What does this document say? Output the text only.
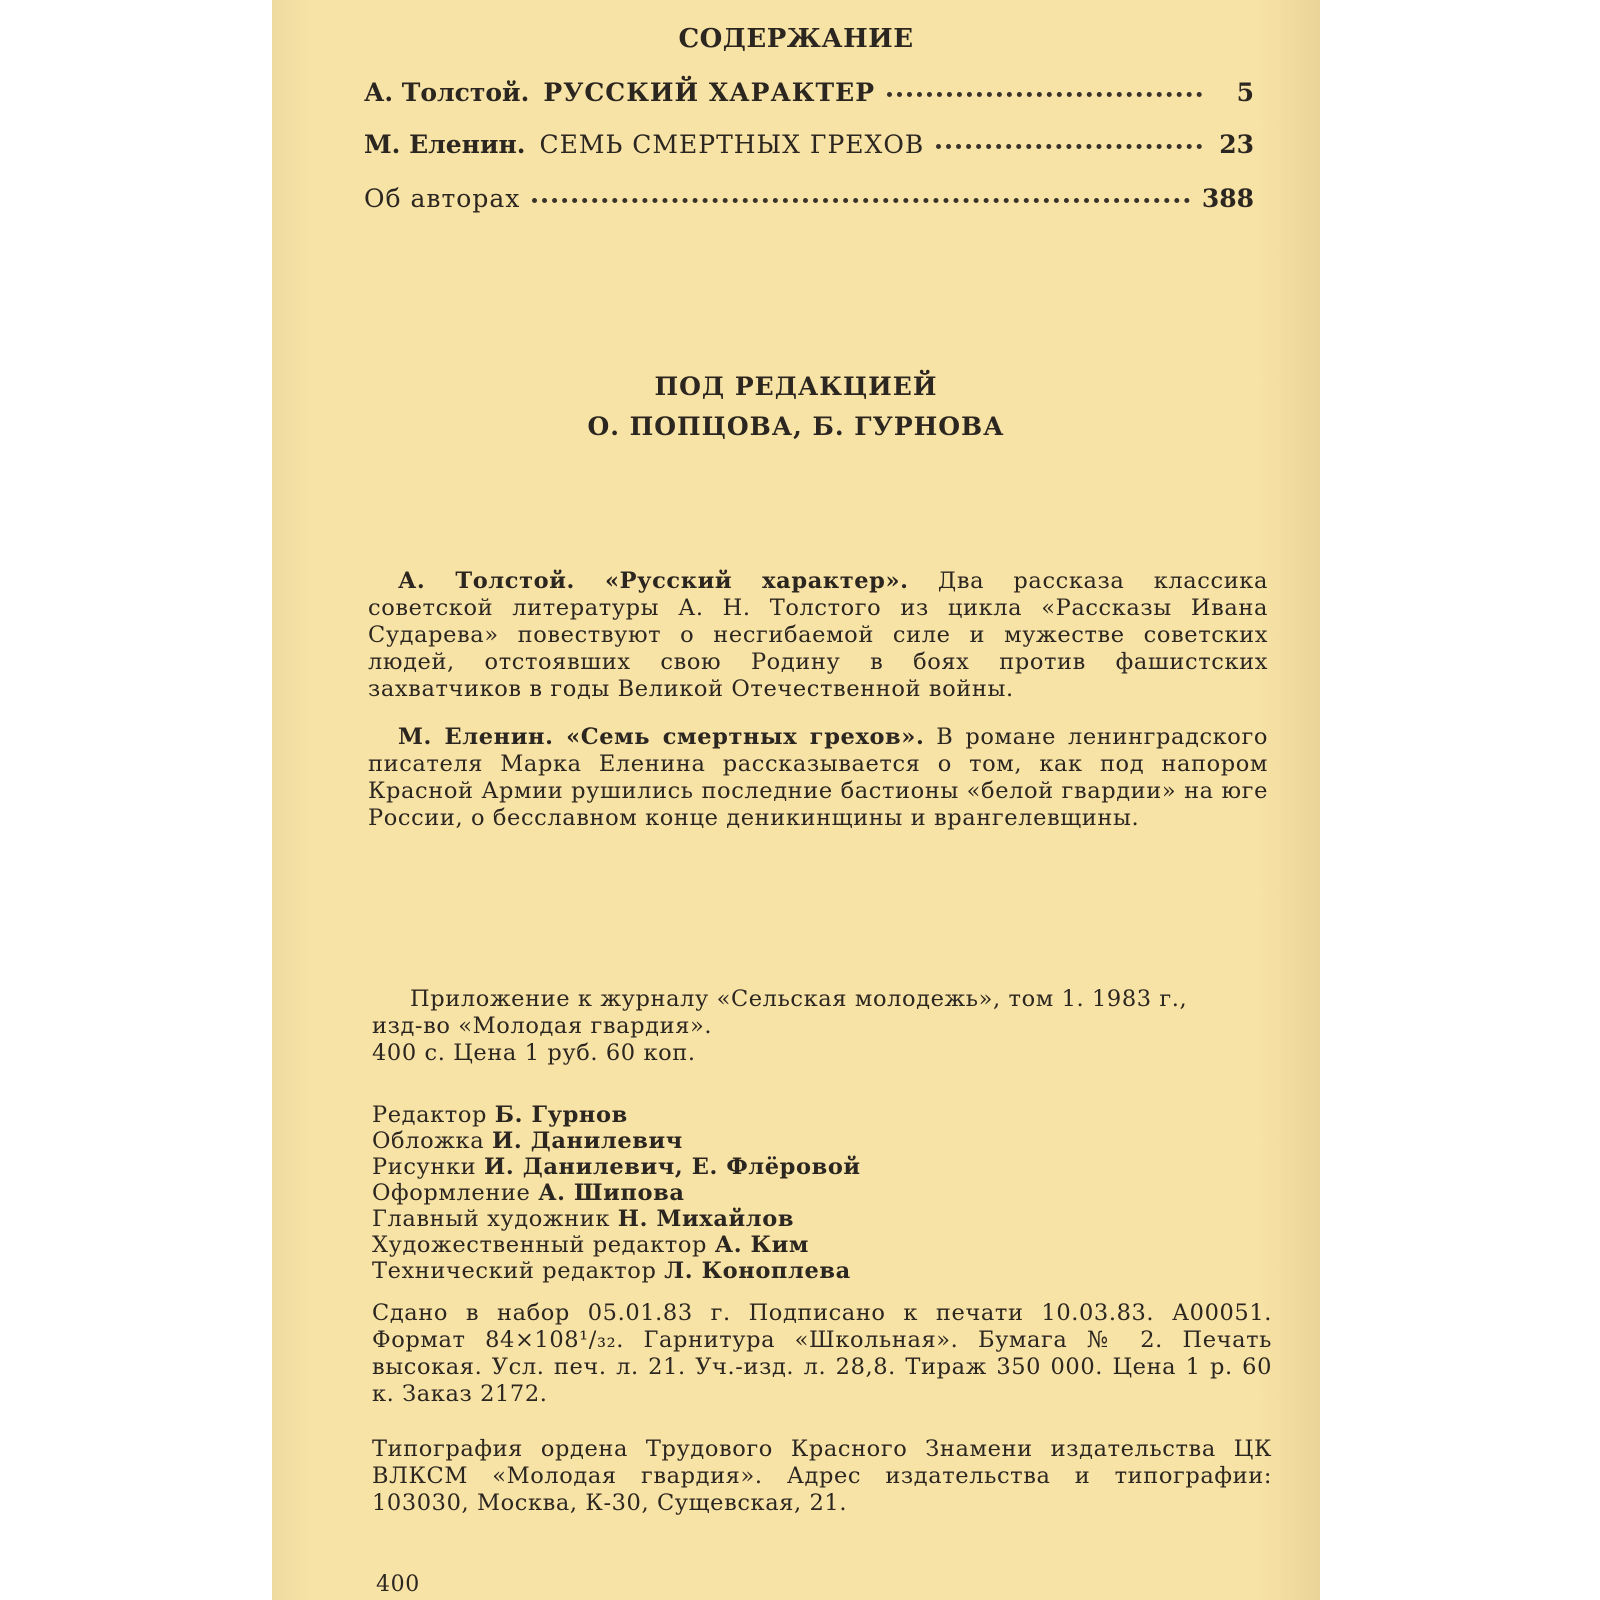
СОДЕРЖАНИЕ
А. Толстой. РУССКИЙ ХАРАКТЕР	5
М. Еленин. СЕМЬ СМЕРТНЫХ ГРЕХОВ	23
Об авторах	388
ПОД РЕДАКЦИЕЙ
О. ПОПЦОВА, Б. ГУРНОВА

А. Толстой. «Русский характер». Два рассказа классика советской литературы А. Н. Толстого из цикла «Рассказы Ивана Сударева» повествуют о несгибаемой силе и мужестве советских людей, отстоявших свою Родину в боях против фашистских захватчиков в годы Великой Отечественной войны.

М. Еленин. «Семь смертных грехов». В романе ленинградского писателя Марка Еленина рассказывается о том, как под напором Красной Армии рушились последние бастионы «белой гвардии» на юге России, о бесславном конце деникинщины и врангелевщины.

Приложение к журналу «Сельская молодежь», том 1. 1983 г.,
изд-во «Молодая гвардия».
400 с. Цена 1 руб. 60 коп.
Редактор Б. Гурнов
Обложка И. Данилевич
Рисунки И. Данилевич, Е. Флёровой
Оформление А. Шипова
Главный художник Н. Михайлов
Художественный редактор А. Ким
Технический редактор Л. Коноплева

Сдано в набор 05.01.83 г. Подписано к печати 10.03.83. А00051. Формат 84×108¹/₃₂. Гарнитура «Школьная». Бумага № 2. Печать высокая. Усл. печ. л. 21. Уч.-изд. л. 28,8. Тираж 350 000. Цена 1 р. 60 к. Заказ 2172.

Типография ордена Трудового Красного Знамени издательства ЦК ВЛКСМ «Молодая гвардия». Адрес издательства и типографии: 103030, Москва, К-30, Сущевская, 21.

400
